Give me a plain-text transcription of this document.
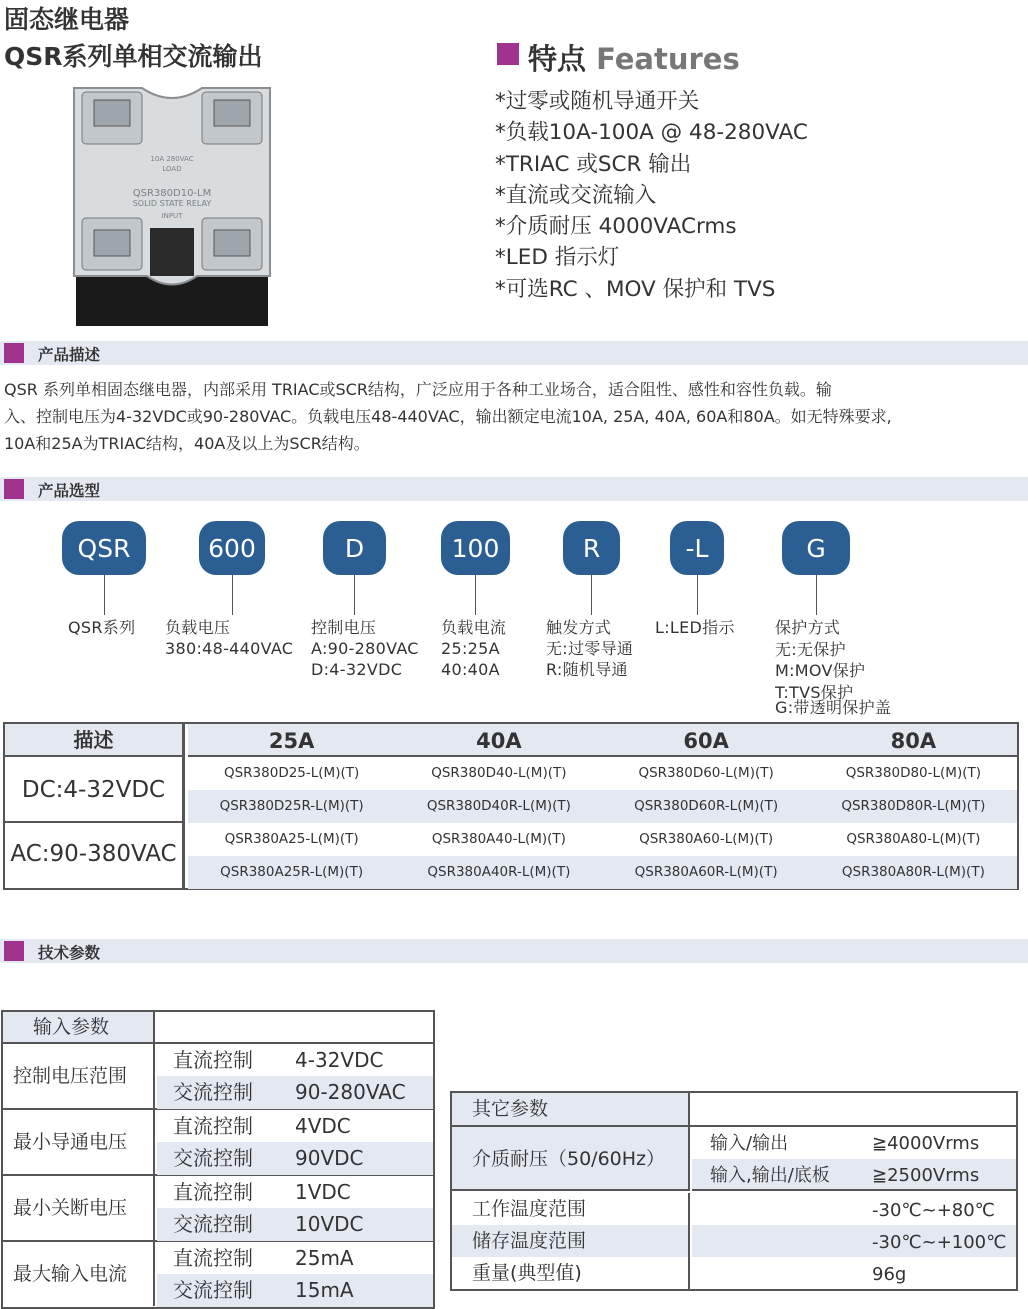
固态继电器
QSR系列单相交流输出
QSR380D10-LM
SOLID STATE RELAY
10A 280VAC
LOAD
INPUT
特点 Features
*过零或随机导通开关
*负载10A-100A @ 48-280VAC
*TRIAC 或SCR 输出
*直流或交流输入
*介质耐压 4000VACrms
*LED 指示灯
*可选RC 、MOV 保护和 TVS
产品描述

QSR 系列单相固态继电器，内部采用 TRIAC或SCR结构，广泛应用于各种工业场合，适合阻性、感性和容性负载。输

入、控制电压为4-32VDC或90-280VAC。负载电压48-440VAC，输出额定电流10A, 25A, 40A, 60A和80A。如无特殊要求,

10A和25A为TRIAC结构，40A及以上为SCR结构。

产品选型
QSR	600	D	100	R	-L	G
QSR系列 负载电压
380:48-440VAC
控制电压
A:90-280VAC
D:4-32VDC
负载电流
25:25A
40:40A
触发方式
无:过零导通
R:随机导通
L:LED指示	保护方式
无:无保护
M:MOV保护
T:TVS保护
G:带透明保护盖
描述
DC:4-32VDC
AC:90-380VAC
25A	40A	60A	80A
QSR380D25-L(M)(T)	QSR380D40-L(M)(T)	QSR380D60-L(M)(T)	QSR380D80-L(M)(T)
QSR380D25R-L(M)(T)	QSR380D40R-L(M)(T)	QSR380D60R-L(M)(T)	QSR380D80R-L(M)(T)
QSR380A25-L(M)(T)	QSR380A40-L(M)(T)	QSR380A60-L(M)(T)	QSR380A80-L(M)(T)
QSR380A25R-L(M)(T)	QSR380A40R-L(M)(T)	QSR380A60R-L(M)(T)	QSR380A80R-L(M)(T)
技术参数
输入参数
控制电压范围
直流控制 4-32VDC
交流控制 90-280VAC
最小导通电压
直流控制 4VDC
交流控制 90VDC
最小关断电压
直流控制 1VDC
交流控制 10VDC
最大输入电流
直流控制 25mA
交流控制 15mA
其它参数
介质耐压（50/60Hz）
输入/输出	≧4000Vrms
输入,输出/底板 ≧2500Vrms
工作温度范围	-30℃~+80℃
储存温度范围	-30℃~+100℃
重量(典型值)	96g
